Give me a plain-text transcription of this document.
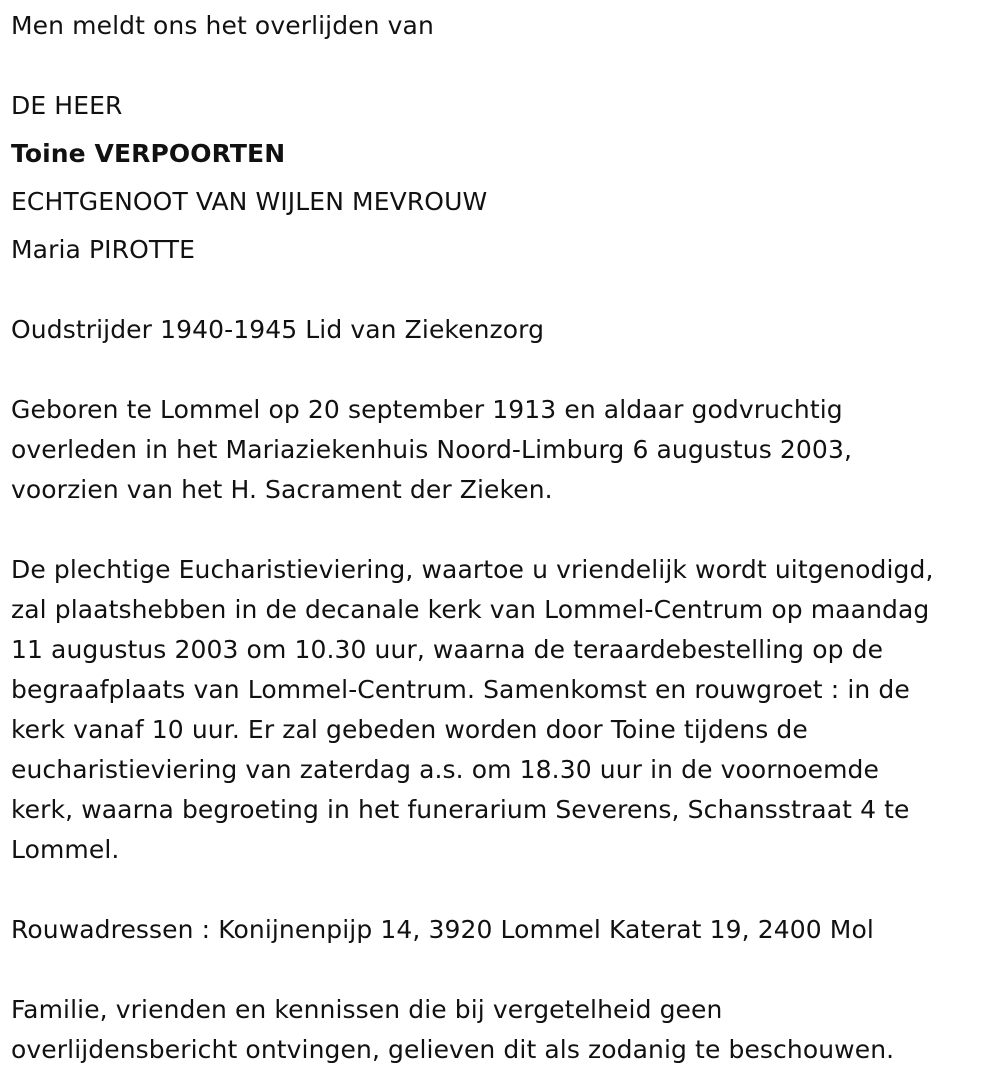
Men meldt ons het overlijden van
DE HEER
Toine VERPOORTEN
ECHTGENOOT VAN WIJLEN MEVROUW
Maria PIROTTE
Oudstrijder 1940-1945 Lid van Ziekenzorg
Geboren te Lommel op 20 september 1913 en aldaar godvruchtig
overleden in het Mariaziekenhuis Noord-Limburg 6 augustus 2003,
voorzien van het H. Sacrament der Zieken.
De plechtige Eucharistieviering, waartoe u vriendelijk wordt uitgenodigd,
zal plaatshebben in de decanale kerk van Lommel-Centrum op maandag
11 augustus 2003 om 10.30 uur, waarna de teraardebestelling op de
begraafplaats van Lommel-Centrum. Samenkomst en rouwgroet : in de
kerk vanaf 10 uur. Er zal gebeden worden door Toine tijdens de
eucharistieviering van zaterdag a.s. om 18.30 uur in de voornoemde
kerk, waarna begroeting in het funerarium Severens, Schansstraat 4 te
Lommel.
Rouwadressen : Konijnenpijp 14, 3920 Lommel Katerat 19, 2400 Mol
Familie, vrienden en kennissen die bij vergetelheid geen
overlijdensbericht ontvingen, gelieven dit als zodanig te beschouwen.
